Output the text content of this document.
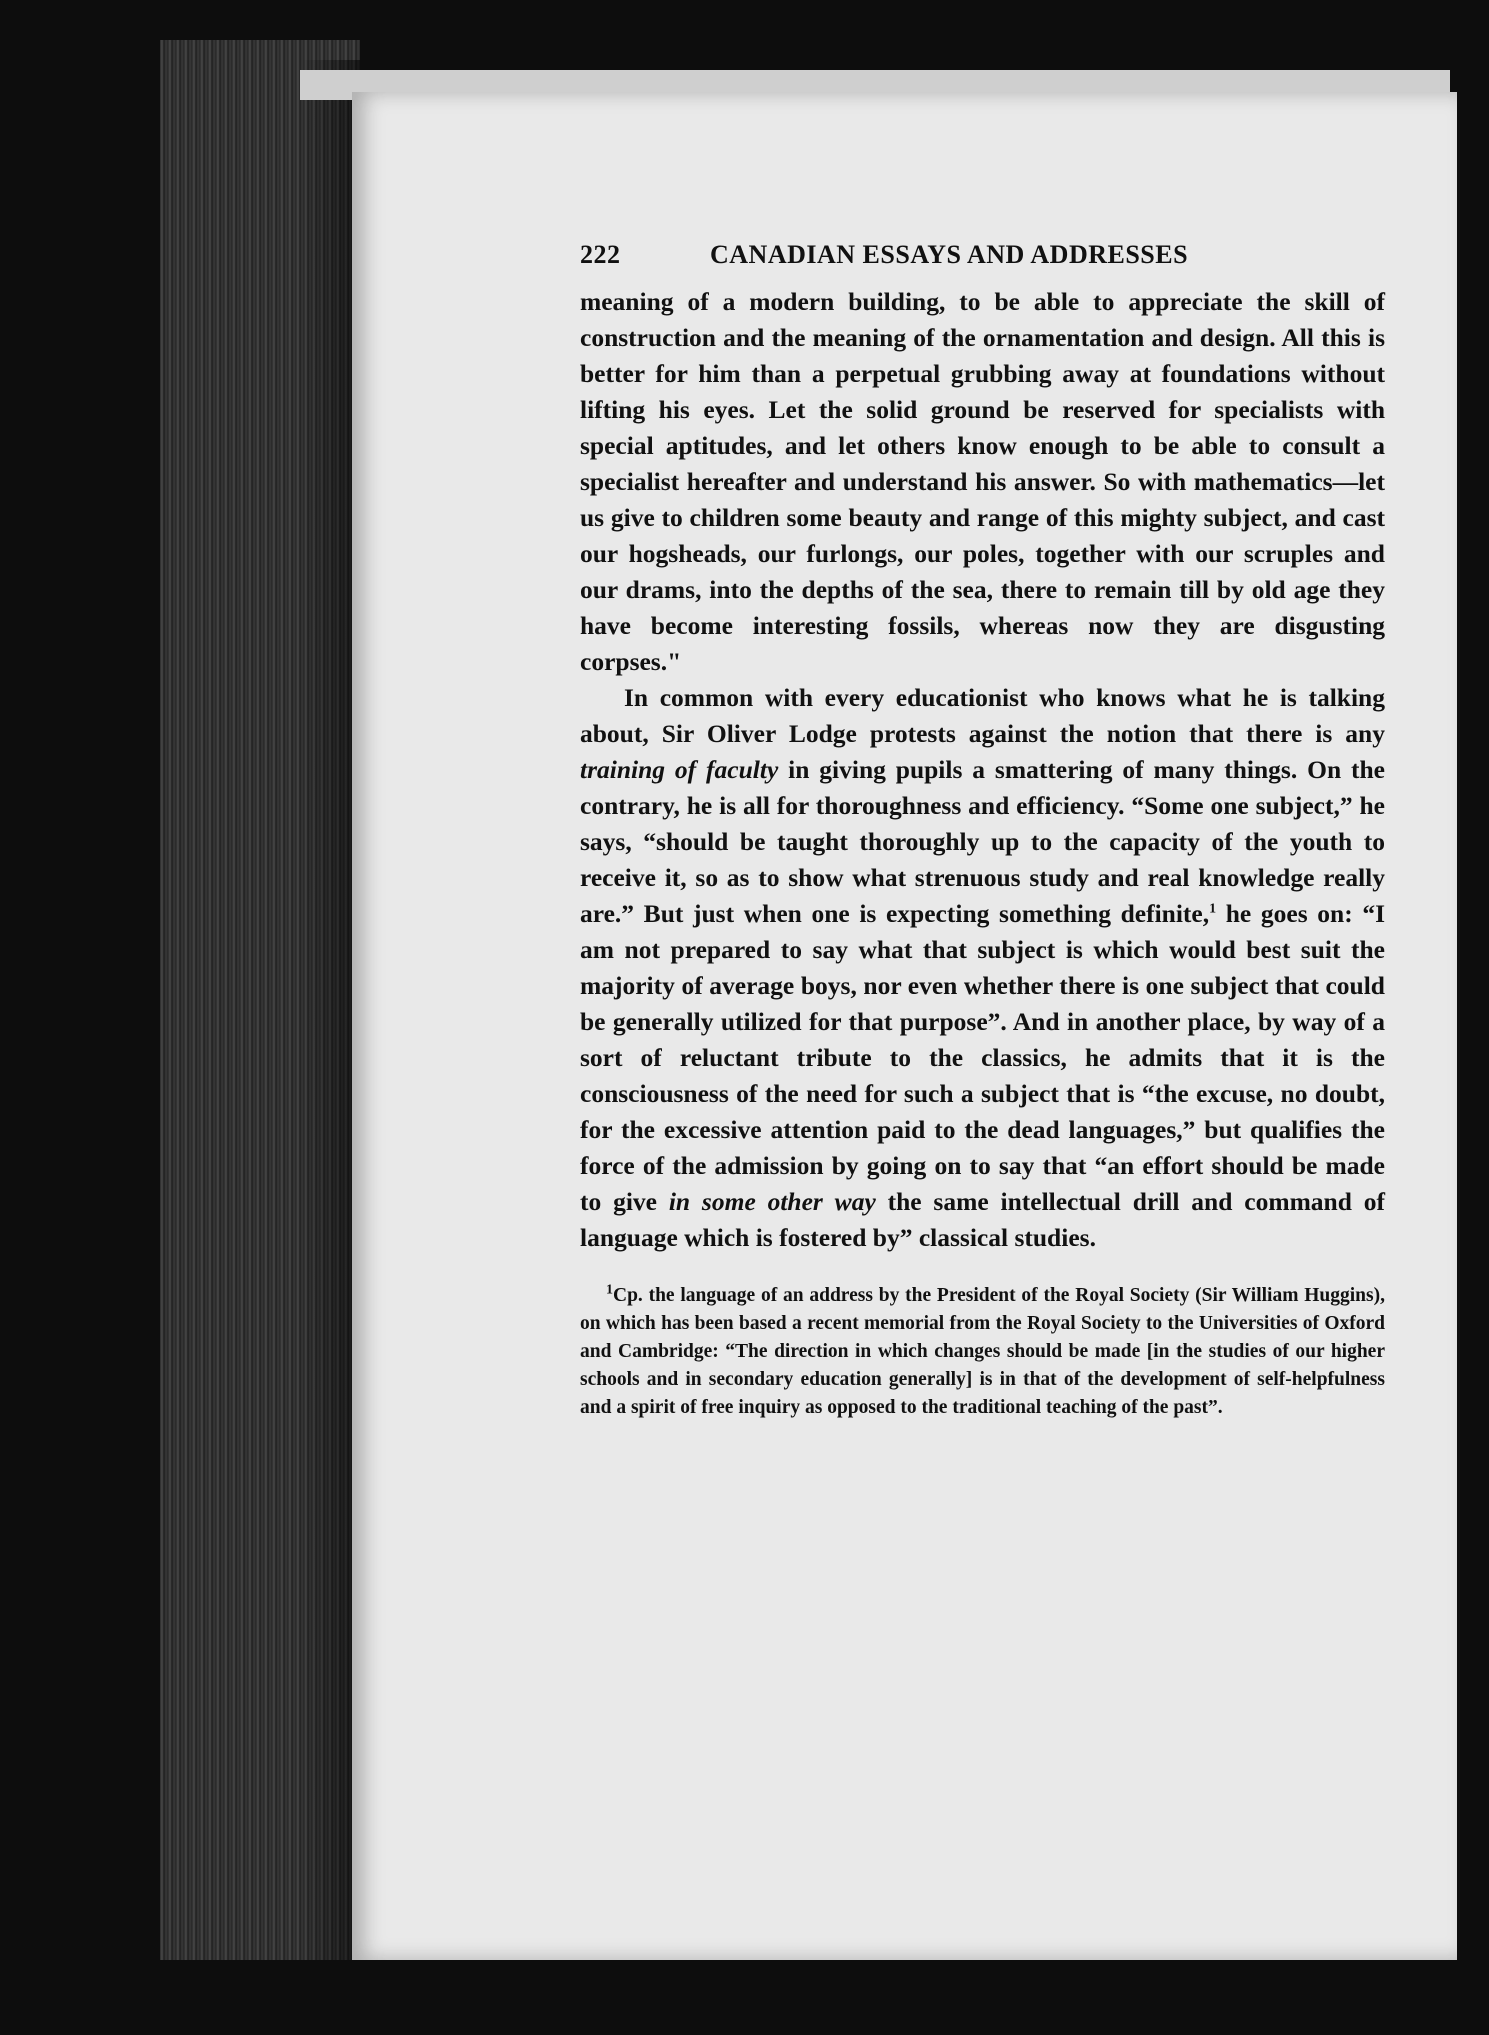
222	CANADIAN ESSAYS AND ADDRESSES

meaning of a modern building, to be able to appreciate the skill of construction and the meaning of the ornamentation and design. All this is better for him than a perpetual grubbing away at foundations without lifting his eyes. Let the solid ground be reserved for specialists with special aptitudes, and let others know enough to be able to consult a specialist hereafter and understand his answer. So with mathematics—let us give to children some beauty and range of this mighty subject, and cast our hogsheads, our furlongs, our poles, together with our scruples and our drams, into the depths of the sea, there to remain till by old age they have become interesting fossils, whereas now they are disgusting corpses."

In common with every educationist who knows what he is talking about, Sir Oliver Lodge protests against the notion that there is any training of faculty in giving pupils a smattering of many things. On the contrary, he is all for thoroughness and efficiency. “Some one subject,” he says, “should be taught thoroughly up to the capacity of the youth to receive it, so as to show what strenuous study and real knowledge really are.” But just when one is expecting something definite,$^1$ he goes on: “I am not prepared to say what that subject is which would best suit the majority of average boys, nor even whether there is one subject that could be generally utilized for that purpose”. And in another place, by way of a sort of reluctant tribute to the classics, he admits that it is the consciousness of the need for such a subject that is “the excuse, no doubt, for the excessive attention paid to the dead languages,” but qualifies the force of the admission by going on to say that “an effort should be made to give in some other way the same intellectual drill and command of language which is fostered by” classical studies.

$^1$Cp. the language of an address by the President of the Royal Society (Sir William Huggins), on which has been based a recent memorial from the Royal Society to the Universities of Oxford and Cambridge: “The direction in which changes should be made [in the studies of our higher schools and in secondary education generally] is in that of the development of self-helpfulness and a spirit of free inquiry as opposed to the traditional teaching of the past”.
